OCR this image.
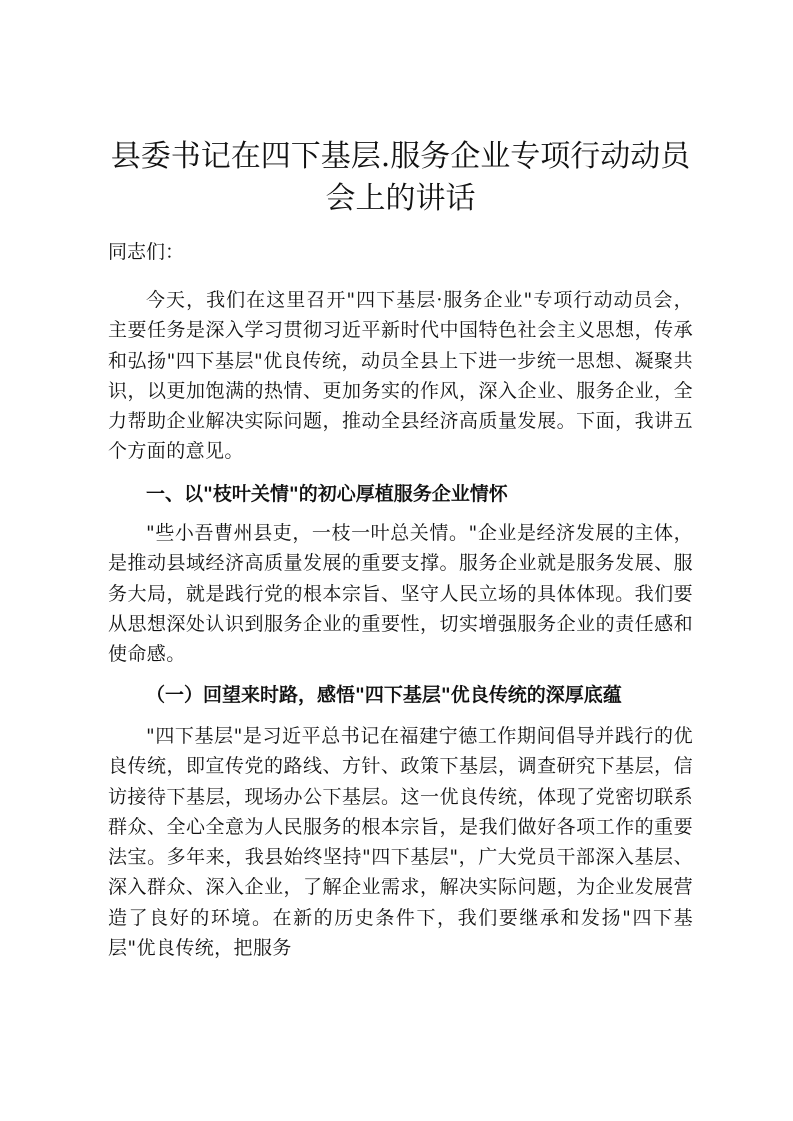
县委书记在四下基层.服务企业专项行动动员会上的讲话

同志们：

今天，我们在这里召开"四下基层·服务企业"专项行动动员会，主要任务是深入学习贯彻习近平新时代中国特色社会主义思想，传承和弘扬"四下基层"优良传统，动员全县上下进一步统一思想、凝聚共识，以更加饱满的热情、更加务实的作风，深入企业、服务企业，全力帮助企业解决实际问题，推动全县经济高质量发展。下面，我讲五个方面的意见。

一、以"枝叶关情"的初心厚植服务企业情怀

"些小吾曹州县吏，一枝一叶总关情。"企业是经济发展的主体，是推动县域经济高质量发展的重要支撑。服务企业就是服务发展、服务大局，就是践行党的根本宗旨、坚守人民立场的具体体现。我们要从思想深处认识到服务企业的重要性，切实增强服务企业的责任感和使命感。

（一）回望来时路，感悟"四下基层"优良传统的深厚底蕴

"四下基层"是习近平总书记在福建宁德工作期间倡导并践行的优良传统，即宣传党的路线、方针、政策下基层，调查研究下基层，信访接待下基层，现场办公下基层。这一优良传统，体现了党密切联系群众、全心全意为人民服务的根本宗旨，是我们做好各项工作的重要法宝。多年来，我县始终坚持"四下基层"，广大党员干部深入基层、深入群众、深入企业，了解企业需求，解决实际问题，为企业发展营造了良好的环境。在新的历史条件下，我们要继承和发扬"四下基层"优良传统，把服务
